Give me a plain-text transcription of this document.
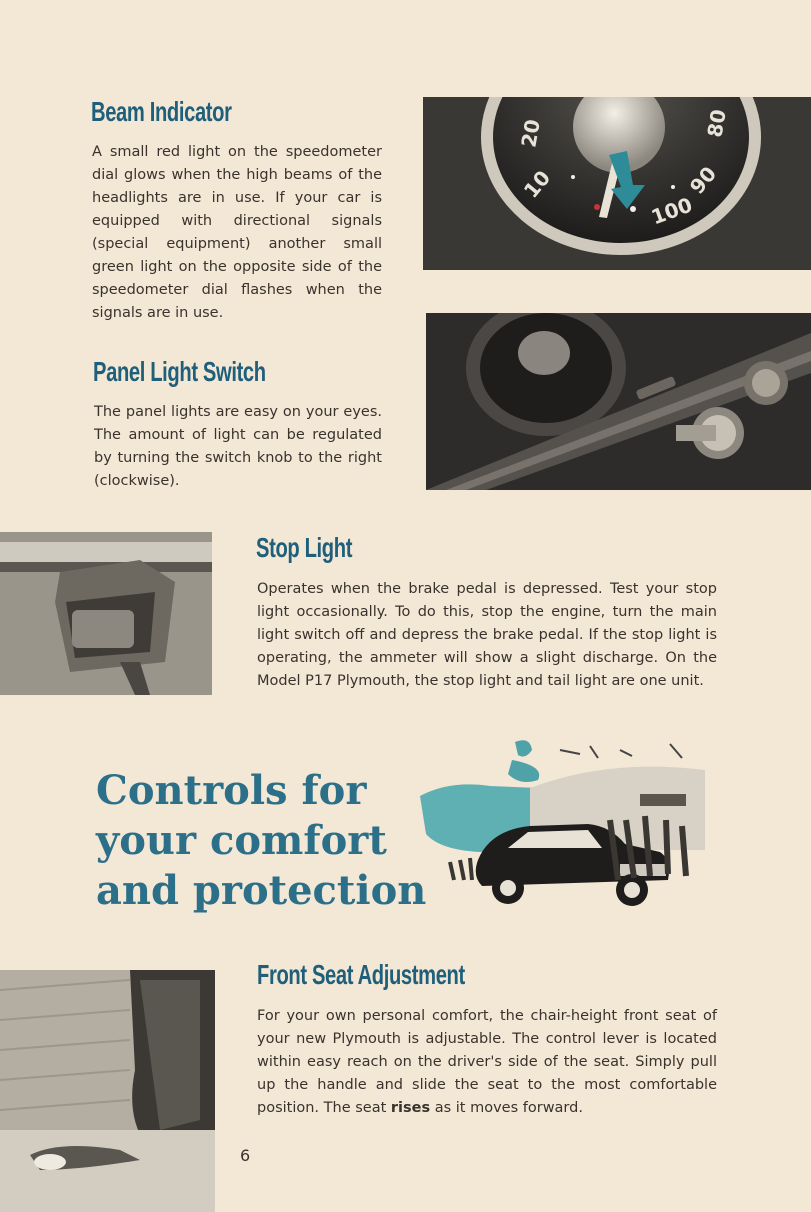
Beam Indicator

A small red light on the speedometer dial glows when the high beams of the headlights are in use. If your car is equipped with directional signals (special equipment) another small green light on the opposite side of the speedometer dial flashes when the signals are in use.

20
10
100
90
80
Panel Light Switch

The panel lights are easy on your eyes. The amount of light can be regulated by turning the switch knob to the right (clockwise).

Stop Light

Operates when the brake pedal is depressed. Test your stop light occasionally. To do this, stop the engine, turn the main light switch off and depress the brake pedal. If the stop light is operating, the ammeter will show a slight discharge. On the Model P17 Plymouth, the stop light and tail light are one unit.

Controls for
your comfort
and protection
Front Seat Adjustment

For your own personal comfort, the chair-height front seat of your new Plymouth is adjustable. The control lever is located within easy reach on the driver's side of the seat. Simply pull up the handle and slide the seat to the most comfortable position. The seat rises as it moves forward.

6
